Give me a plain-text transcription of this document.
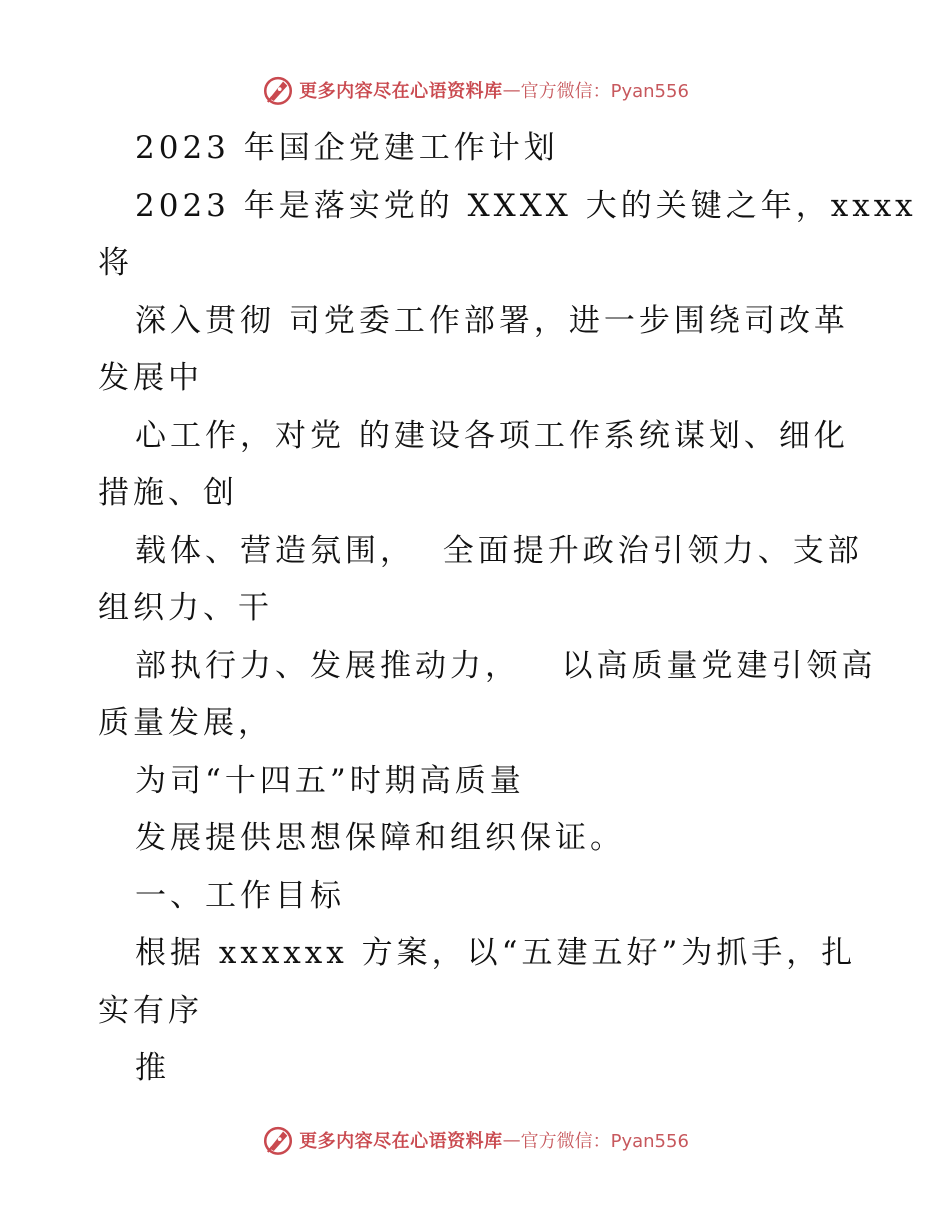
更多内容尽在心语资料库 — 官方微信：Pyan556
2023 年国企党建工作计划
2023 年是落实党的 XXXX 大的关键之年，xxxx
将
深入贯彻 司党委工作部署，进一步围绕司改革
发展中
心工作，对党 的建设各项工作系统谋划、细化
措施、创
载体、营造氛围，  全面提升政治引领力、支部
组织力、干
部执行力、发展推动力，   以高质量党建引领高
质量发展，
为司“十四五”时期高质量
发展提供思想保障和组织保证。
一、工作目标
根据 xxxxxx 方案，以“五建五好”为抓手，扎
实有序
推
更多内容尽在心语资料库 — 官方微信：Pyan556
